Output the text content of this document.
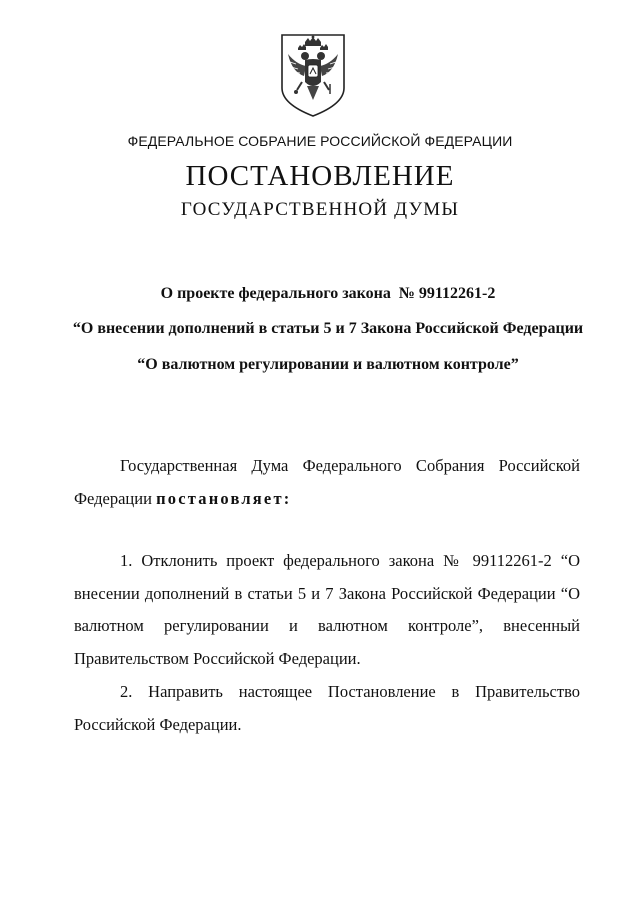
ФЕДЕРАЛЬНОЕ СОБРАНИЕ РОССИЙСКОЙ ФЕДЕРАЦИИ
ПОСТАНОВЛЕНИЕ
ГОСУДАРСТВЕННОЙ ДУМЫ
О проекте федерального закона  № 99112261-2
“О внесении дополнений в статьи 5 и 7 Закона Российской Федерации
“О валютном регулировании и валютном контроле”
Государственная Дума Федерального Собрания Российской Федерации постановляет:
1. Отклонить проект федерального закона № 99112261-2 “О внесении дополнений в статьи 5 и 7 Закона Российской Федерации “О валютном регулировании и валютном контроле”, внесенный Правительством Российской Федерации.
2. Направить настоящее Постановление в Правительство Российской Федерации.
